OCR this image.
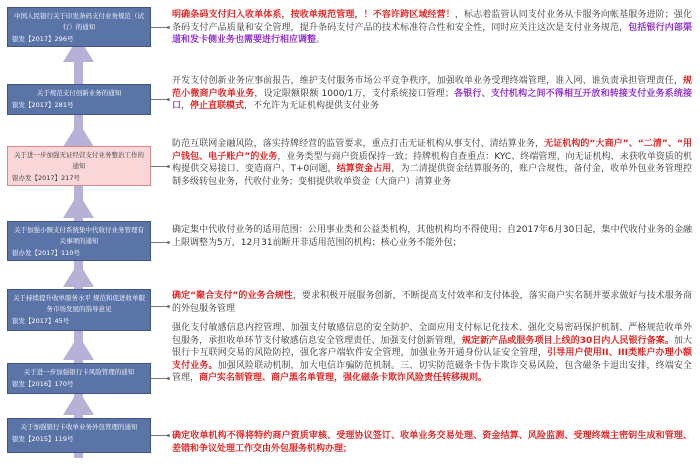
中国人民银行关于印发条码支付业务规范（试行）的通知
银发【2017】296号
关于规范支付创新业务的通知
银发【2017】281号
关于进一步加强无证经营支付业务整治工作的通知
银办发【2017】217号
关于加强小额支付系统集中代收付业务管理有关事项的通知
银办发【2017】110号
关于持续提升收单服务水平 规范和促进收单服务市场发展的指导意见
银发【2017】45号
关于进一步加强银行卡风险管理的通知
银发【2016】170号
关于加强银行卡收单业务外包管理的通知
银发【2015】119号
明确条码支付归入收单体系，按收单规范管理，！不容许跨区域经营！，标志着监管认同支付业务从卡服务向帐基服务进阶；强化条码支付产品质量和安全管理，提升条码支付产品的技术标准符合性和安全性，同时应关注这次是支付业务规范，包括银行内部渠道和发卡侧业务也需要进行相应调整。
开发支付创新业务应事前报告，维护支付服务市场公平竞争秩序，加强收单业务受理终端管理，谁入网、谁负责承担管理责任，规范小微商户收单业务，设定限额限额 1000/1万，支付系统接口管理；各银行、支付机构之间不得相互开放和转接支付业务系统接口，停止直联模式，不允许为无证机构提供支付业务
防范互联网金融风险，落实持牌经营的监管要求，重点打击无证机构从事支付、清结算业务，无证机构的“大商户”、“二清”、“用户钱包、电子账户”的业务，业务类型与商户资质保持一致；持牌机构自查重点：KYC、终端管理、向无证机构、未获收单资质的机构提供交易接口、变造商户、T+0问题，结算资金占用，为二清提供资金结算服务的，账户合规性，备付金，收单外包业务管理控制多级转包业务，代收付业务；变相提供收单资金（大商户）清算业务
确定集中代收付业务的适用范围：公用事业类和公益类机构，其他机构均不得使用；自2017年6月30日起，集中代收付业务的金融上限调整为5万，12月31前断开非适用范围的机构；核心业务不能外包；
确定“聚合支付”的业务合规性，要求积极开展服务创新，不断提高支付效率和支付体验，落实商户实名制并要求做好与技术服务商的外包服务管理
强化支付敏感信息内控管理、加强支付敏感信息的安全防护、全面应用支付标记化技术、强化交易密码保护机制、严格规范收单外包服务，承担收单环节支付敏感信息安全管理责任、加强支付创新管理，规定新产品或服务项目上线的30日内人民银行备案。加大银行卡互联网交易的风险防控，强化客户端软件安全管理，加强业务开通身份认证安全管理，引导用户使用II、III类账户办理小额支付业务。加强风险联动机制，加大电信诈骗防范机制。三、切实防范磁条卡伪卡欺诈交易风险，包含磁条卡退出安排，终端安全管理，商户实名制管理、商户黑名单管理，强化磁条卡欺诈风险责任转移规则。
确定收单机构不得将特约商户资质审核、受理协议签订、收单业务交易处理、资金结算、风险监测、受理终端主密钥生成和管理、差错和争议处理工作交由外包服务机构办理；
